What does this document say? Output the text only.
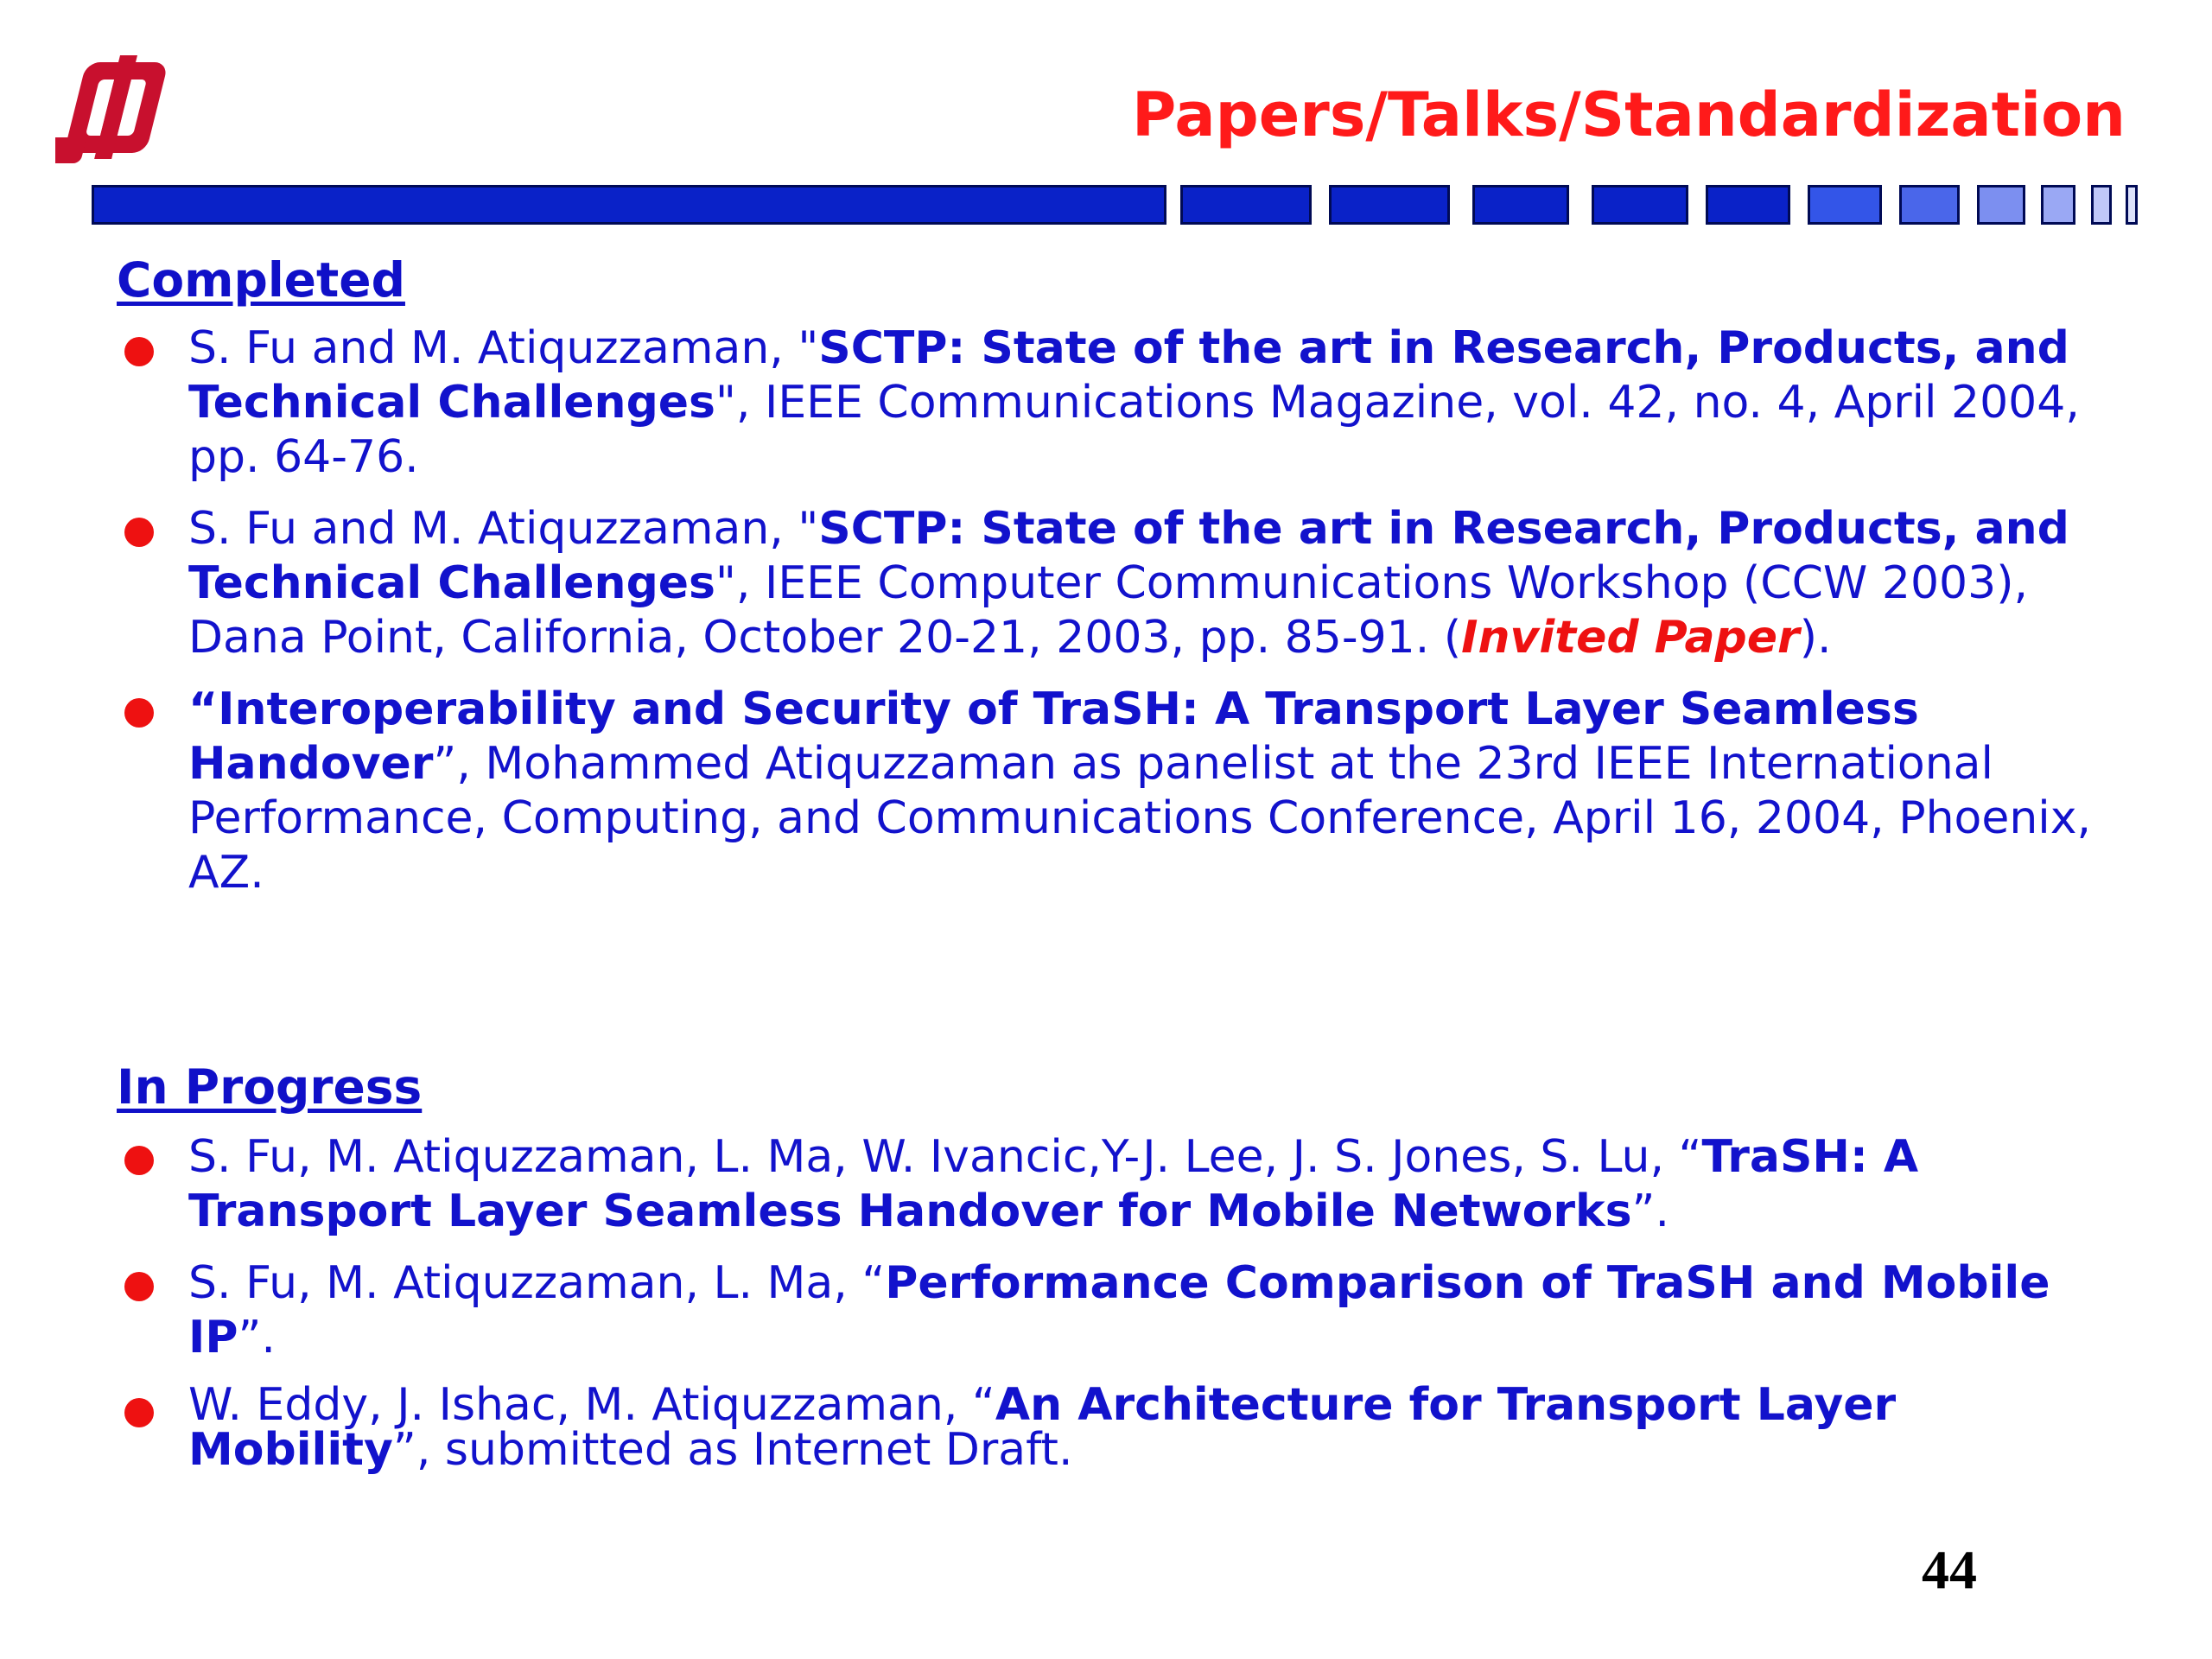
Papers/Talks/Standardization
Completed
S. Fu and M. Atiquzzaman, "SCTP: State of the art in Research, Products, and Technical Challenges", IEEE Communications Magazine, vol. 42, no. 4, April 2004, pp. 64-76.
S. Fu and M. Atiquzzaman, "SCTP: State of the art in Research, Products, and Technical Challenges", IEEE Computer Communications Workshop (CCW 2003), Dana Point, California, October 20-21, 2003, pp. 85-91. (Invited Paper).
“Interoperability and Security of TraSH: A Transport Layer Seamless Handover”, Mohammed Atiquzzaman as panelist at the 23rd IEEE International Performance, Computing, and Communications Conference, April 16, 2004, Phoenix, AZ.
In Progress
S. Fu, M. Atiquzzaman, L. Ma, W. Ivancic,Y-J. Lee, J. S. Jones, S. Lu, “TraSH: A Transport Layer Seamless Handover for Mobile Networks”.
S. Fu, M. Atiquzzaman, L. Ma, “Performance Comparison of TraSH and Mobile IP”.
W. Eddy, J. Ishac, M. Atiquzzaman, “An Architecture for Transport Layer Mobility”, submitted as Internet Draft.
44
